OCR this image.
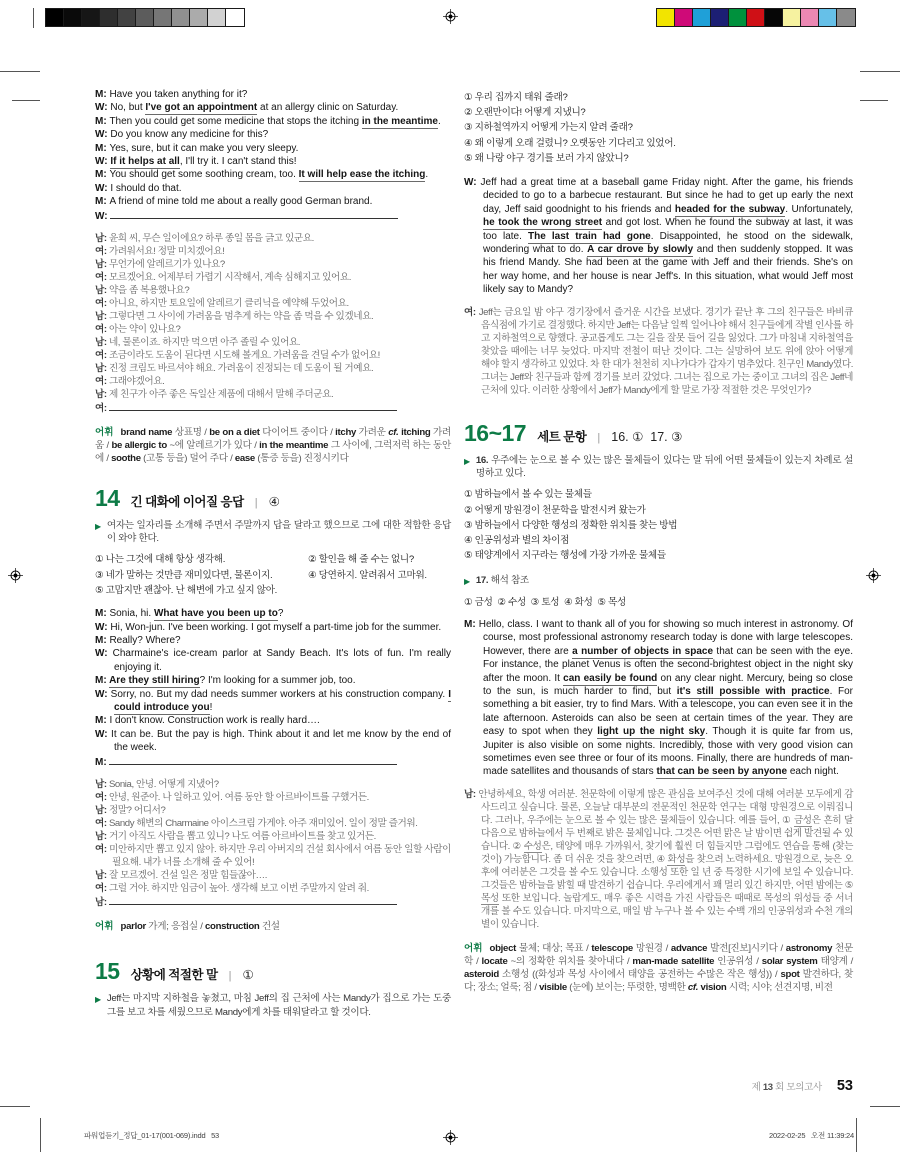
M: Have you taken anything for it?
W: No, but I've got an appointment at an allergy clinic on Saturday.
M: Then you could get some medicine that stops the itching in the meantime.
W: Do you know any medicine for this?
M: Yes, sure, but it can make you very sleepy.
W: If it helps at all, I'll try it. I can't stand this!
M: You should get some soothing cream, too. It will help ease the itching.
W: I should do that.
M: A friend of mine told me about a really good German brand.
W:
남: 윤희 씨, 무슨 일이에요? 하루 종일 몸을 긁고 있군요.
여: 가려워서요! 정말 미치겠어요!
남: 무언가에 알레르기가 있나요?
여: 모르겠어요. 어제부터 가렵기 시작해서, 계속 심해지고 있어요.
남: 약을 좀 복용했나요?
여: 아니요, 하지만 토요일에 알레르기 클리닉을 예약해 두었어요.
남: 그렇다면 그 사이에 가려움을 멈추게 하는 약을 좀 먹을 수 있겠네요.
여: 아는 약이 있나요?
남: 네, 물론이죠. 하지만 먹으면 아주 졸릴 수 있어요.
여: 조금이라도 도움이 된다면 시도해 볼게요. 가려움을 견딜 수가 없어요!
남: 진정 크림도 바르셔야 해요. 가려움이 진정되는 데 도움이 될 거예요.
여: 그래야겠어요.
남: 제 친구가 아주 좋은 독일산 제품에 대해서 말해 주더군요.
여:

어휘 brand name 상표명 / be on a diet 다이어트 중이다 / itchy 가려운 cf. itching 가려움 / be allergic to ~에 알레르기가 있다 / in the meantime 그 사이에, 그럭저럭 하는 동안에 / soothe (고통 등을) 덜어 주다 / ease (통증 등을) 진정시키다

14 긴 대화에 이어질 응답 | ④
▶ 여자는 일자리를 소개해 주면서 주말까지 답을 달라고 했으므로 그에 대한 적합한 응답이 와야 한다.
① 나는 그것에 대해 항상 생각해.	② 할인을 해 줄 수는 없니?
③ 네가 말하는 것만큼 재미있다면, 물론이지.	④ 당연하지. 알려줘서 고마워.
⑤ 고맙지만 괜찮아. 난 해변에 가고 싶지 않아.
M: Sonia, hi. What have you been up to?
W: Hi, Won-jun. I've been working. I got myself a part-time job for the summer.
M: Really? Where?
W: Charmaine's ice-cream parlor at Sandy Beach. It's lots of fun. I'm really enjoying it.
M: Are they still hiring? I'm looking for a summer job, too.
W: Sorry, no. But my dad needs summer workers at his construction company. I could introduce you!
M: I don't know. Construction work is really hard….
W: It can be. But the pay is high. Think about it and let me know by the end of the week.
M:
남: Sonia, 안녕. 어떻게 지냈어?
여: 안녕, 원준아. 나 일하고 있어. 여름 동안 할 아르바이트를 구했거든.
남: 정말? 어디서?
여: Sandy 해변의 Charmaine 아이스크림 가게야. 아주 재미있어. 일이 정말 즐거워.
남: 거기 아직도 사람을 뽑고 있니? 나도 여름 아르바이트를 찾고 있거든.
여: 미안하지만 뽑고 있지 않아. 하지만 우리 아버지의 건설 회사에서 여름 동안 일할 사람이 필요해. 내가 너를 소개해 줄 수 있어!
남: 잘 모르겠어. 건설 일은 정말 힘들잖아….
여: 그럴 거야. 하지만 임금이 높아. 생각해 보고 이번 주말까지 알려 줘.
남:

어휘 parlor 가게; 응접실 / construction 건설

15 상황에 적절한 말 | ①
▶ Jeff는 마지막 지하철을 놓쳤고, 마침 Jeff의 집 근처에 사는 Mandy가 집으로 가는 도중 그를 보고 차를 세웠으므로 Mandy에게 차를 태워달라고 할 것이다.
① 우리 집까지 태워 줄래?
② 오랜만이다! 어떻게 지냈니?
③ 지하철역까지 어떻게 가는지 알려 줄래?
④ 왜 이렇게 오래 걸렸니? 오랫동안 기다리고 있었어.
⑤ 왜 나랑 야구 경기를 보러 가지 않았니?
W: Jeff had a great time at a baseball game Friday night. After the game, his friends decided to go to a barbecue restaurant. But since he had to get up early the next day, Jeff said goodnight to his friends and headed for the subway. Unfortunately, he took the wrong street and got lost. When he found the subway at last, it was too late. The last train had gone. Disappointed, he stood on the sidewalk, wondering what to do. A car drove by slowly and then suddenly stopped. It was his friend Mandy. She had been at the game with Jeff and their friends. She's on her way home, and her house is near Jeff's. In this situation, what would Jeff most likely say to Mandy?
여: Jeff는 금요일 밤 야구 경기장에서 즐거운 시간을 보냈다. 경기가 끝난 후 그의 친구들은 바비큐 음식점에 가기로 결정했다. 하지만 Jeff는 다음날 일찍 일어나야 해서 친구들에게 작별 인사를 하고 지하철역으로 향했다. 공교롭게도 그는 길을 잘못 들어 길을 잃었다. 그가 마침내 지하철역을 찾았을 때에는 너무 늦었다. 마지막 전철이 떠난 것이다. 그는 실망하여 보도 위에 앉아 어떻게 해야 할지 생각하고 있었다. 차 한 대가 천천히 지나가다가 갑자기 멈추었다. 친구인 Mandy였다. 그녀는 Jeff와 친구들과 함께 경기를 보러 갔었다. 그녀는 집으로 가는 중이고 그녀의 집은 Jeff네 근처에 있다. 이러한 상황에서 Jeff가 Mandy에게 할 말로 가장 적절한 것은 무엇인가?
16~17 세트 문항 | 16. ①  17. ③
▶ 16. 우주에는 눈으로 볼 수 있는 많은 물체들이 있다는 말 뒤에 어떤 물체들이 있는지 차례로 설명하고 있다.
① 밤하늘에서 볼 수 있는 물체들
② 어떻게 망원경이 천문학을 발전시켜 왔는가
③ 밤하늘에서 다양한 행성의 정확한 위치를 찾는 방법
④ 인공위성과 별의 차이점
⑤ 태양계에서 지구라는 행성에 가장 가까운 물체들
▶ 17. 해석 참조
① 금성  ② 수성  ③ 토성  ④ 화성  ⑤ 목성
M: Hello, class. I want to thank all of you for showing so much interest in astronomy. Of course, most professional astronomy research today is done with large telescopes. However, there are a number of objects in space that can be seen with the eye. For instance, the planet Venus is often the second-brightest object in the night sky after the moon. It can easily be found on any clear night. Mercury, being so close to the sun, is much harder to find, but it's still possible with practice. For something a bit easier, try to find Mars. With a telescope, you can even see it in the late afternoon. Asteroids can also be seen at certain times of the year. They are easy to spot when they light up the night sky. Though it is quite far from us, Jupiter is also visible on some nights. Incredibly, those with very good vision can sometimes even see three or four of its moons. Finally, there are hundreds of man-made satellites and thousands of stars that can be seen by anyone each night.
남: 안녕하세요, 학생 여러분. 천문학에 이렇게 많은 관심을 보여주신 것에 대해 여러분 모두에게 감사드리고 싶습니다. 물론, 오늘날 대부분의 전문적인 천문학 연구는 대형 망원경으로 이뤄집니다. 그러나, 우주에는 눈으로 볼 수 있는 많은 물체들이 있습니다. 예를 들어, ① 금성은 흔히 달 다음으로 밤하늘에서 두 번째로 밝은 물체입니다. 그것은 어떤 맑은 날 밤이면 쉽게 발견될 수 있습니다. ② 수성은, 태양에 매우 가까워서, 찾기에 훨씬 더 힘들지만 그럼에도 연습을 통해 (찾는 것이) 가능합니다. 좀 더 쉬운 것을 찾으려면, ④ 화성을 찾으려 노력하세요. 망원경으로, 늦은 오후에 여러분은 그것을 볼 수도 있습니다. 소행성 또한 일 년 중 특정한 시기에 보일 수 있습니다. 그것들은 밤하늘을 밝힐 때 발견하기 쉽습니다. 우리에게서 꽤 멀리 있긴 하지만, 어떤 밤에는 ⑤ 목성 또한 보입니다. 놀랍게도, 매우 좋은 시력을 가진 사람들은 때때로 목성의 위성들 중 서너 개를 볼 수도 있습니다. 마지막으로, 매일 밤 누구나 볼 수 있는 수백 개의 인공위성과 수천 개의 별이 있습니다.

어휘 object 물체; 대상; 목표 / telescope 망원경 / advance 발전[진보]시키다 / astronomy 천문학 / locate ~의 정확한 위치를 찾아내다 / man-made satellite 인공위성 / solar system 태양계 / asteroid 소행성 ((화성과 목성 사이에서 태양을 공전하는 수많은 작은 행성)) / spot 발견하다, 찾다; 장소; 얼룩; 점 / visible (눈에) 보이는; 뚜렷한, 명백한 cf. vision 시력; 시야; 선견지명, 비전

제 13 회 모의고사 53
파워업듣기_정답_01-17(001-069).indd   53	2022-02-25   오전 11:39:24
